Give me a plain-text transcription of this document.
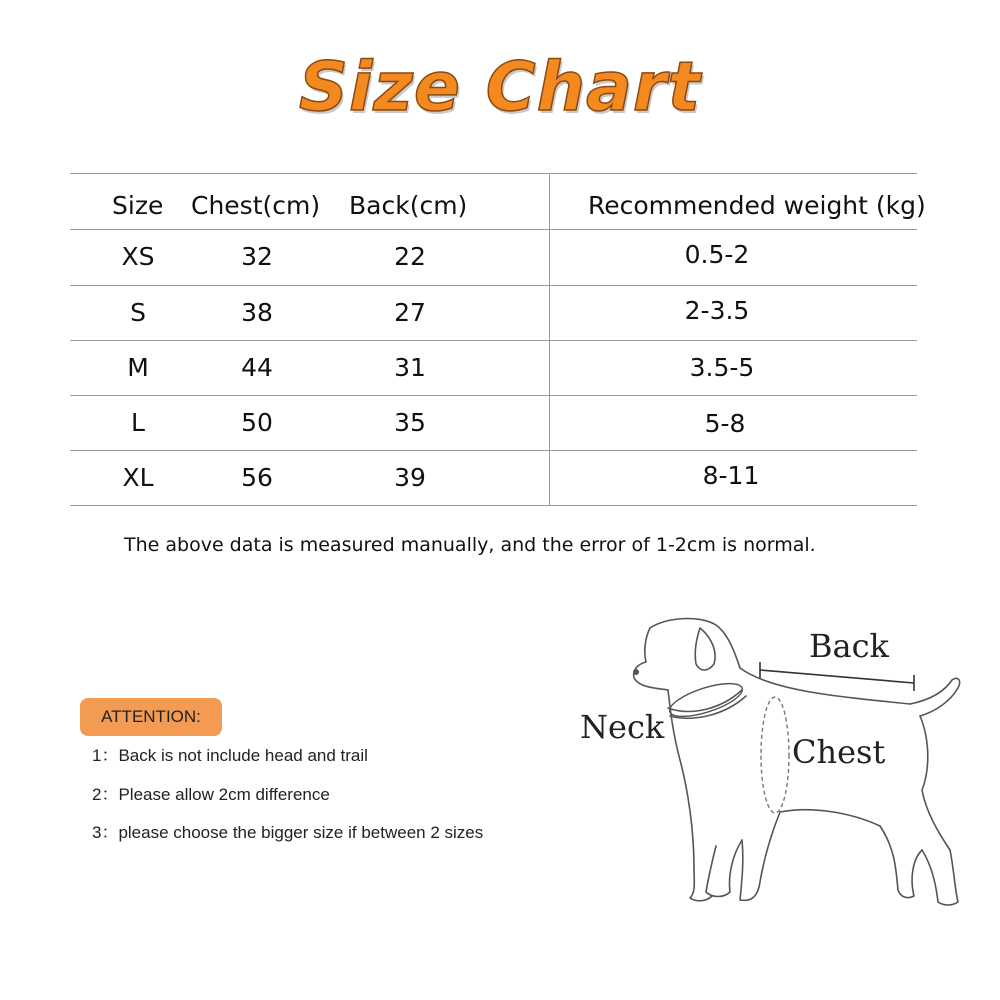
Size Chart
Size Chest(cm) Back(cm)	Recommended weight (kg)
XS	32	22	0.5-2
S	38	27	2-3.5
M	44	31	3.5-5
L	50	35	5-8
XL	56	39	8-11
The above data is measured manually, and the error of 1-2cm is normal.
ATTENTION:
1：Back is not include head and trail
2：Please allow 2cm difference
3：please choose the bigger size if between 2 sizes
Back
Neck
Chest
